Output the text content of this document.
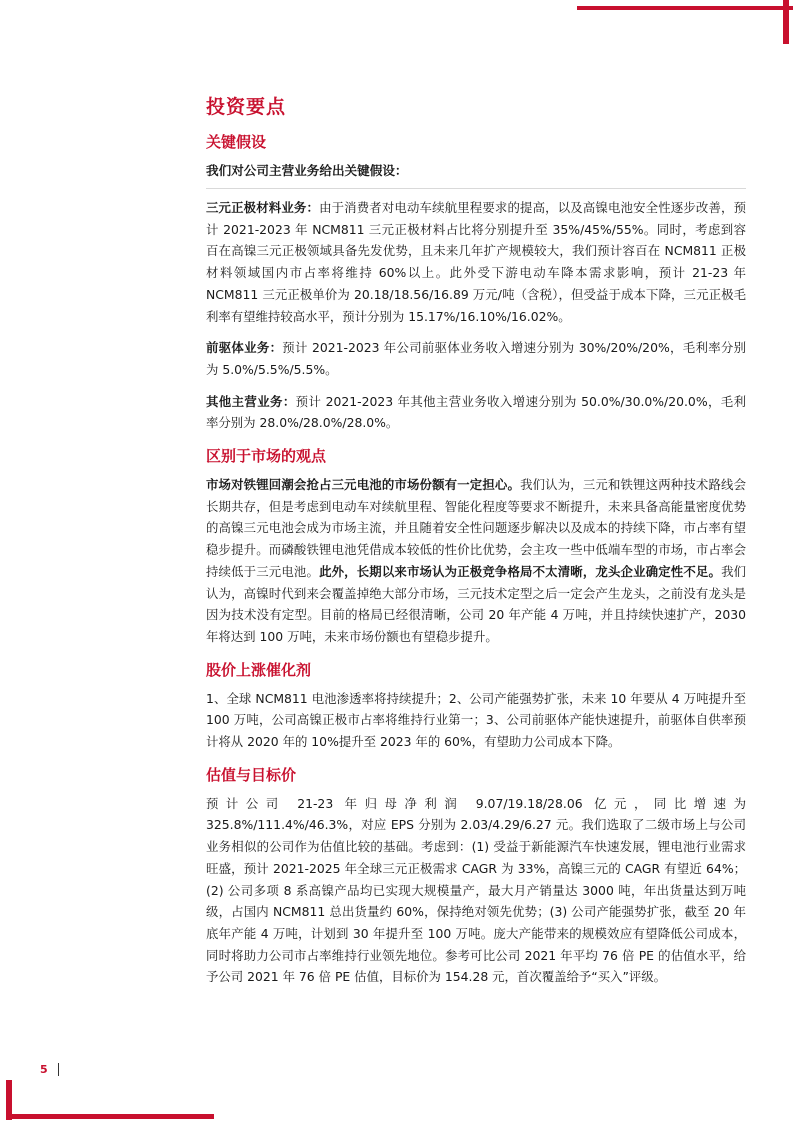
投资要点
关键假设

我们对公司主营业务给出关键假设：

三元正极材料业务：由于消费者对电动车续航里程要求的提高，以及高镍电池安全性逐步改善，预计 2021-2023 年 NCM811 三元正极材料占比将分别提升至 35%/45%/55%。同时，考虑到容百在高镍三元正极领域具备先发优势，且未来几年扩产规模较大，我们预计容百在 NCM811 正极材料领域国内市占率将维持 60%以上。此外受下游电动车降本需求影响，预计 21-23 年 NCM811 三元正极单价为 20.18/18.56/16.89 万元/吨（含税），但受益于成本下降，三元正极毛利率有望维持较高水平，预计分别为 15.17%/16.10%/16.02%。

前驱体业务：预计 2021-2023 年公司前驱体业务收入增速分别为 30%/20%/20%，毛利率分别为 5.0%/5.5%/5.5%。

其他主营业务：预计 2021-2023 年其他主营业务收入增速分别为 50.0%/30.0%/20.0%，毛利率分别为 28.0%/28.0%/28.0%。

区别于市场的观点

市场对铁锂回潮会抢占三元电池的市场份额有一定担心。我们认为，三元和铁锂这两种技术路线会长期共存，但是考虑到电动车对续航里程、智能化程度等要求不断提升，未来具备高能量密度优势的高镍三元电池会成为市场主流，并且随着安全性问题逐步解决以及成本的持续下降，市占率有望稳步提升。而磷酸铁锂电池凭借成本较低的性价比优势，会主攻一些中低端车型的市场，市占率会持续低于三元电池。此外，长期以来市场认为正极竞争格局不太清晰，龙头企业确定性不足。我们认为，高镍时代到来会覆盖掉绝大部分市场，三元技术定型之后一定会产生龙头，之前没有龙头是因为技术没有定型。目前的格局已经很清晰，公司 20 年产能 4 万吨，并且持续快速扩产，2030 年将达到 100 万吨，未来市场份额也有望稳步提升。

股价上涨催化剂

1、全球 NCM811 电池渗透率将持续提升；2、公司产能强势扩张，未来 10 年要从 4 万吨提升至 100 万吨，公司高镍正极市占率将维持行业第一；3、公司前驱体产能快速提升，前驱体自供率预计将从 2020 年的 10%提升至 2023 年的 60%，有望助力公司成本下降。

估值与目标价

预计公司 21-23 年归母净利润 9.07/19.18/28.06 亿元，同比增速为 325.8%/111.4%/46.3%，对应 EPS 分别为 2.03/4.29/6.27 元。我们选取了二级市场上与公司业务相似的公司作为估值比较的基础。考虑到：(1) 受益于新能源汽车快速发展，锂电池行业需求旺盛，预计 2021-2025 年全球三元正极需求 CAGR 为 33%，高镍三元的 CAGR 有望近 64%；(2) 公司多项 8 系高镍产品均已实现大规模量产，最大月产销量达 3000 吨，年出货量达到万吨级，占国内 NCM811 总出货量约 60%，保持绝对领先优势；(3) 公司产能强势扩张，截至 20 年底年产能 4 万吨，计划到 30 年提升至 100 万吨。庞大产能带来的规模效应有望降低公司成本，同时将助力公司市占率维持行业领先地位。参考可比公司 2021 年平均 76 倍 PE 的估值水平，给予公司 2021 年 76 倍 PE 估值，目标价为 154.28 元，首次覆盖给予“买入”评级。

5
